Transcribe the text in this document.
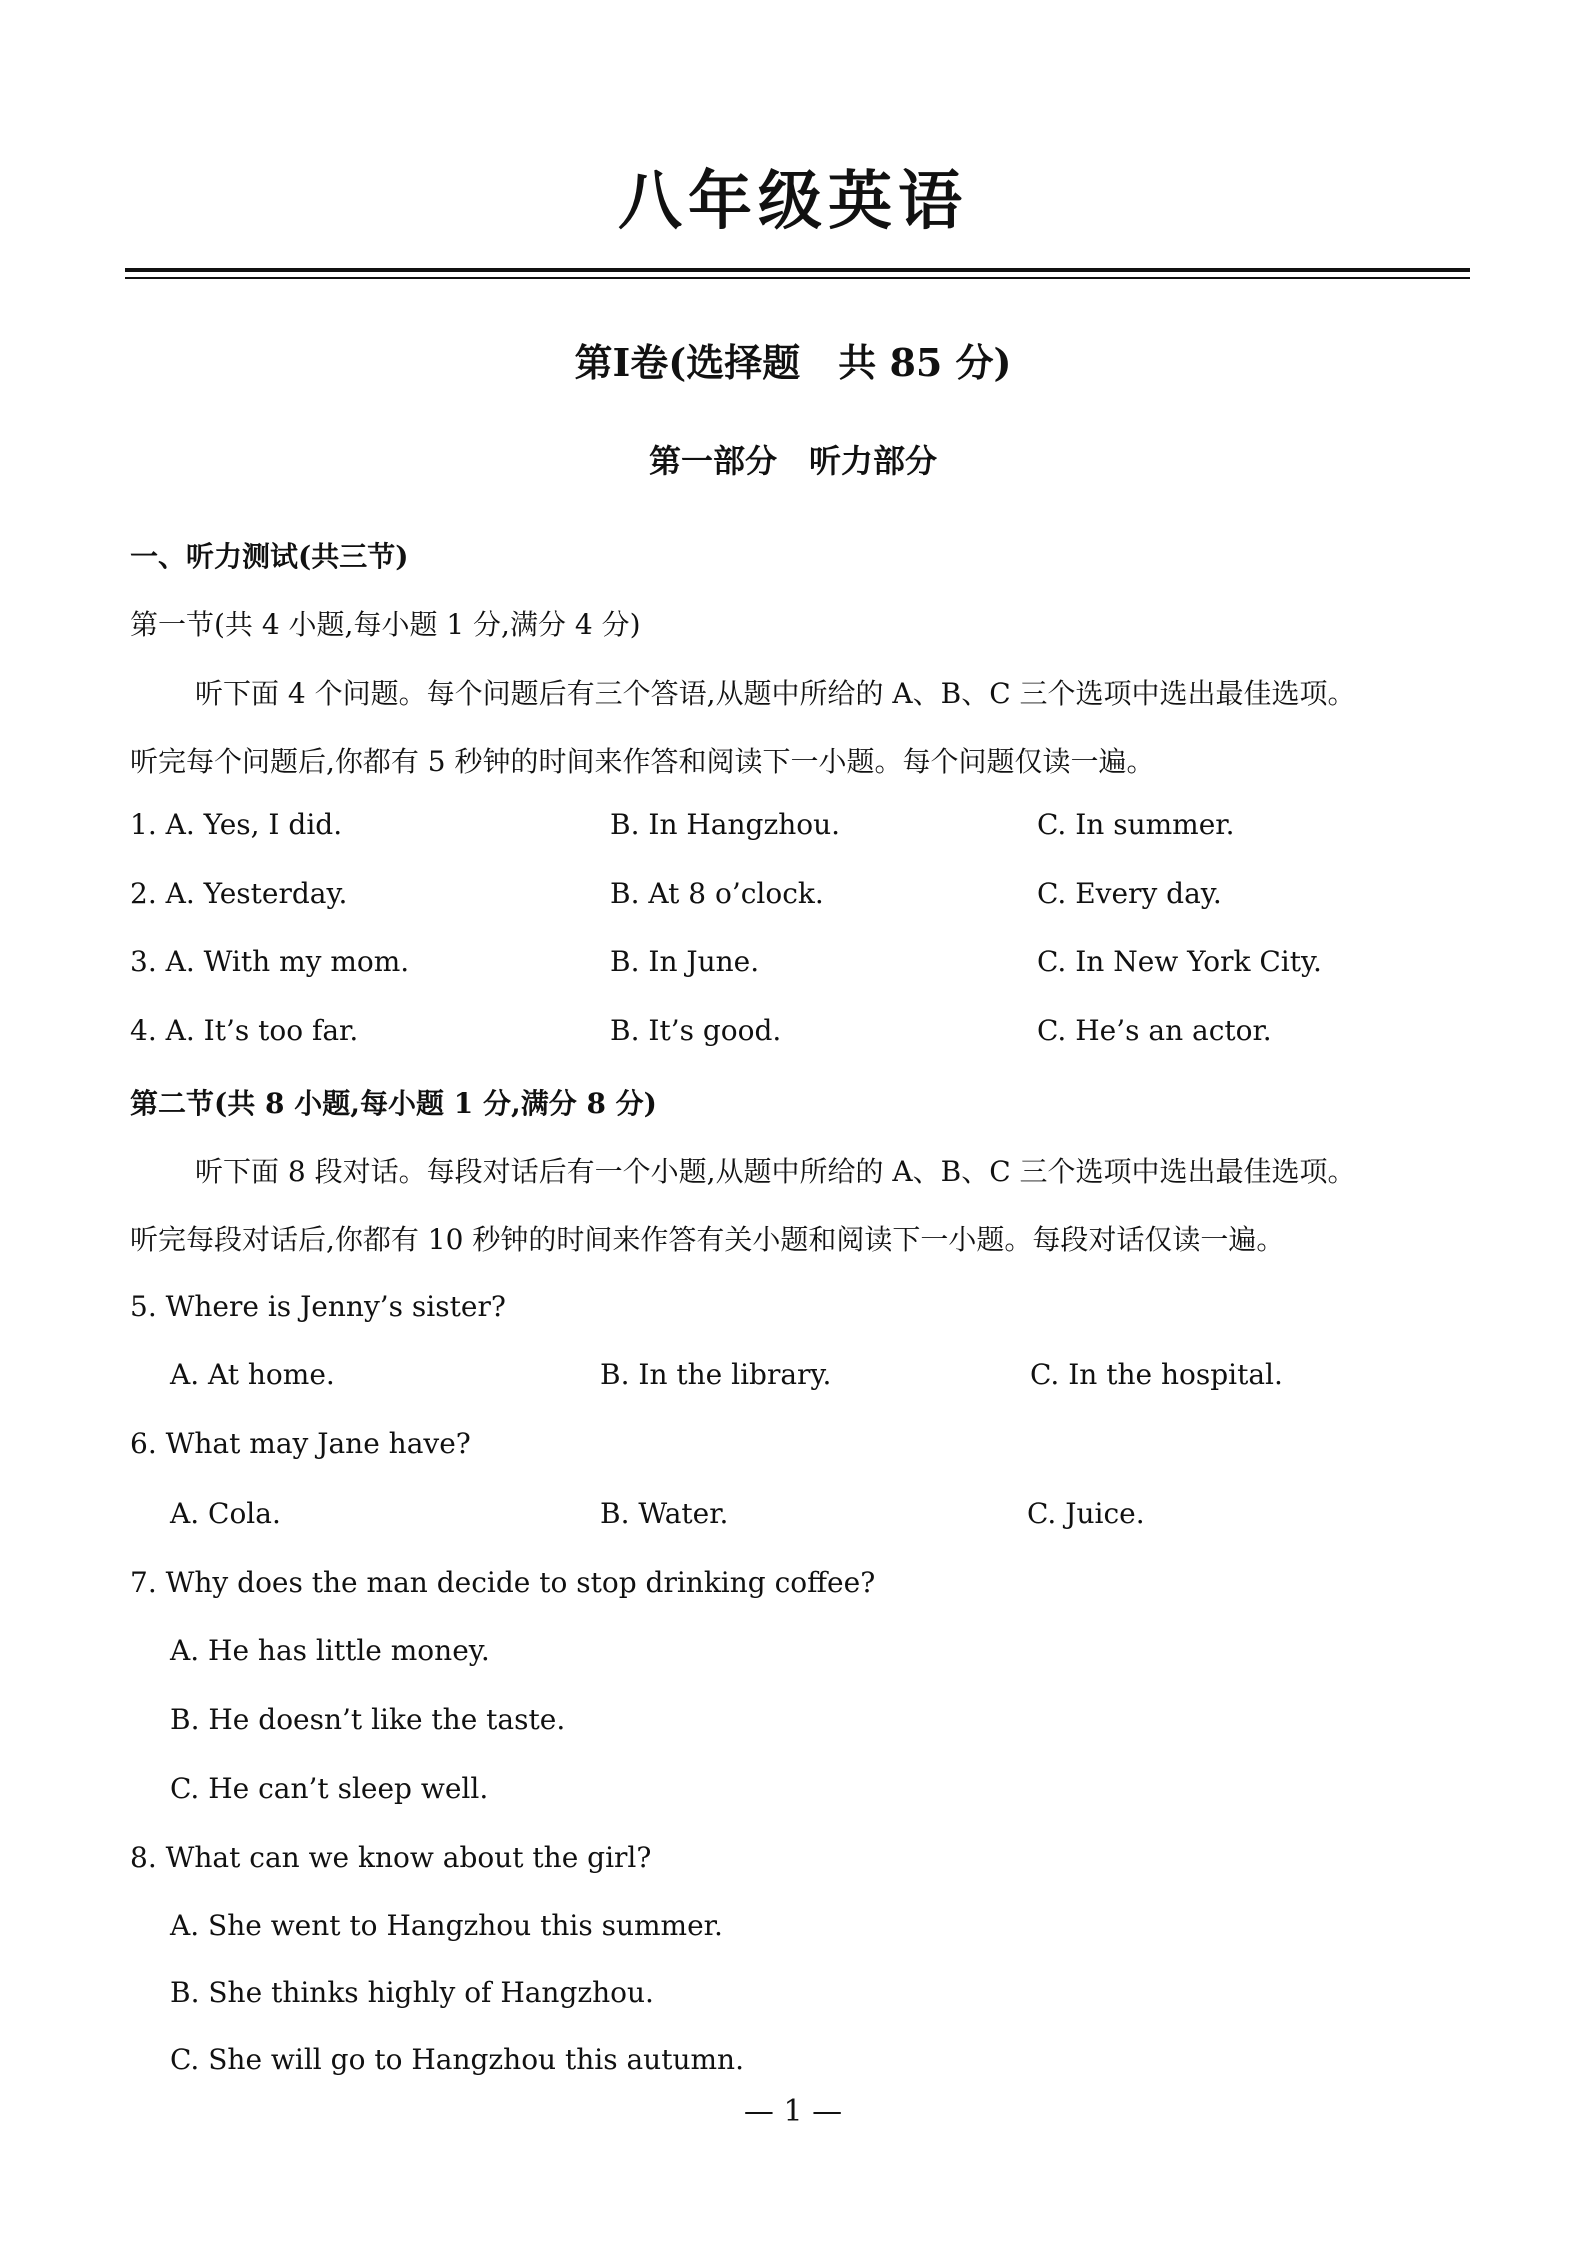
八年级英语
第Ⅰ卷(选择题　共 85 分)
第一部分　听力部分
一、听力测试(共三节)
第一节(共 4 小题,每小题 1 分,满分 4 分)
听下面 4 个问题。每个问题后有三个答语,从题中所给的 A、B、C 三个选项中选出最佳选项。
听完每个问题后,你都有 5 秒钟的时间来作答和阅读下一小题。每个问题仅读一遍。
1. A. Yes, I did.	B. In Hangzhou.	C. In summer.
2. A. Yesterday.	B. At 8 o’clock.	C. Every day.
3. A. With my mom.	B. In June.	C. In New York City.
4. A. It’s too far.	B. It’s good.	C. He’s an actor.
第二节(共 8 小题,每小题 1 分,满分 8 分)
听下面 8 段对话。每段对话后有一个小题,从题中所给的 A、B、C 三个选项中选出最佳选项。
听完每段对话后,你都有 10 秒钟的时间来作答有关小题和阅读下一小题。每段对话仅读一遍。
5. Where is Jenny’s sister?
A. At home.	B. In the library.	C. In the hospital.
6. What may Jane have?
A. Cola.	B. Water.	C. Juice.
7. Why does the man decide to stop drinking coffee?
A. He has little money.
B. He doesn’t like the taste.
C. He can’t sleep well.
8. What can we know about the girl?
A. She went to Hangzhou this summer.
B. She thinks highly of Hangzhou.
C. She will go to Hangzhou this autumn.
— 1 —
